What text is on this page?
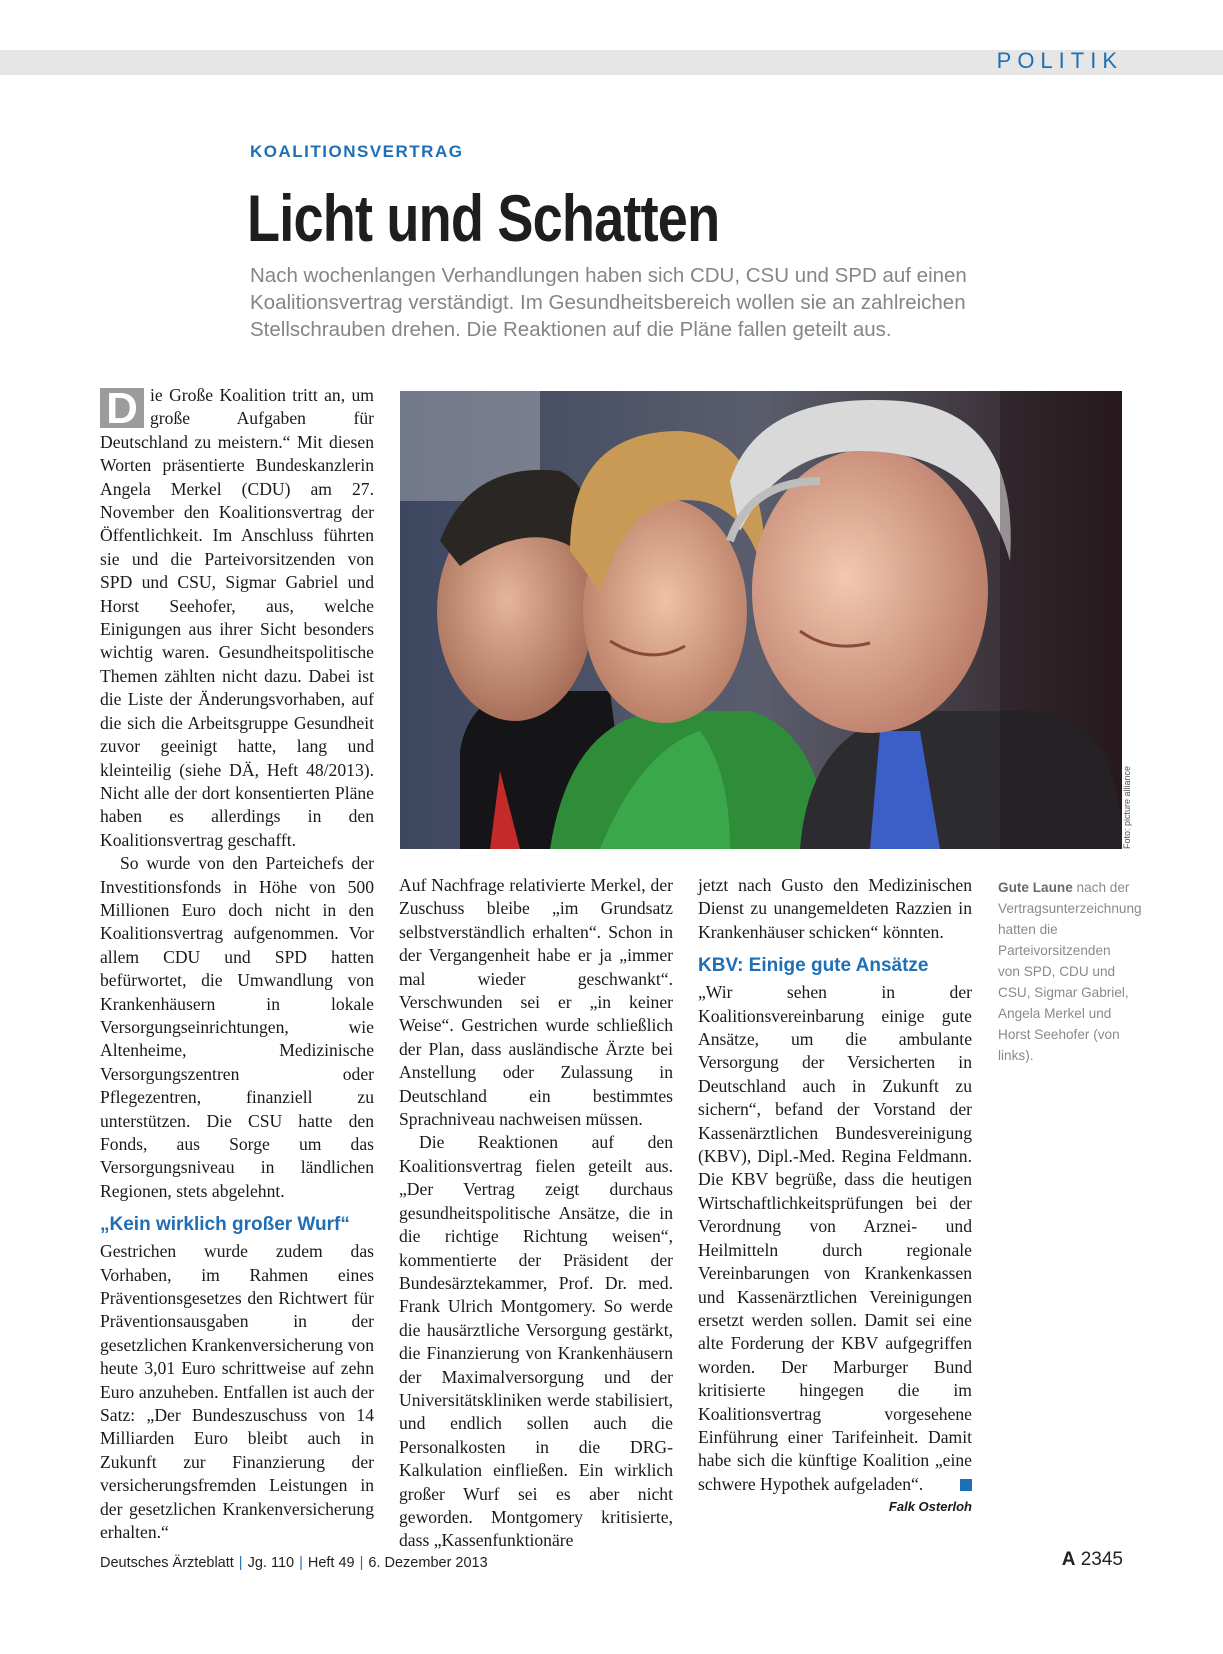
POLITIK
KOALITIONSVERTRAG
Licht und Schatten
Nach wochenlangen Verhandlungen haben sich CDU, CSU und SPD auf einen Koalitionsvertrag verständigt. Im Gesundheitsbereich wollen sie an zahlreichen Stellschrauben drehen. Die Reaktionen auf die Pläne fallen geteilt aus.

D ie Große Koalition tritt an, um große Aufgaben für Deutschland zu meistern.“ Mit diesen Worten präsentierte Bundeskanzlerin Angela Merkel (CDU) am 27. November den Koalitionsvertrag der Öffentlichkeit. Im Anschluss führten sie und die Parteivorsitzenden von SPD und CSU, Sigmar Gabriel und Horst Seehofer, aus, welche Einigungen aus ihrer Sicht besonders wichtig waren. Gesundheitspolitische Themen zählten nicht dazu. Dabei ist die Liste der Änderungsvorhaben, auf die sich die Arbeitsgruppe Gesundheit zuvor geeinigt hatte, lang und kleinteilig (siehe DÄ, Heft 48/2013). Nicht alle der dort konsentierten Pläne haben es allerdings in den Koalitionsvertrag geschafft.

So wurde von den Parteichefs der Investitionsfonds in Höhe von 500 Millionen Euro doch nicht in den Koalitionsvertrag aufgenommen. Vor allem CDU und SPD hatten befürwortet, die Umwandlung von Krankenhäusern in lokale Versorgungseinrichtungen, wie Altenheime, Medizinische Versorgungszentren oder Pflegezentren, finanziell zu unterstützen. Die CSU hatte den Fonds, aus Sorge um das Versorgungsniveau in ländlichen Regionen, stets abgelehnt.

„Kein wirklich großer Wurf“

Gestrichen wurde zudem das Vorhaben, im Rahmen eines Präventionsgesetzes den Richtwert für Präventionsausgaben in der gesetzlichen Krankenversicherung von heute 3,01 Euro schrittweise auf zehn Euro anzuheben. Entfallen ist auch der Satz: „Der Bundeszuschuss von 14 Milliarden Euro bleibt auch in Zukunft zur Finanzierung der versicherungsfremden Leistungen in der gesetzlichen Krankenversicherung erhalten.“

Foto: picture alliance

Auf Nachfrage relativierte Merkel, der Zuschuss bleibe „im Grundsatz selbstverständlich erhalten“. Schon in der Vergangenheit habe er ja „immer mal wieder geschwankt“. Verschwunden sei er „in keiner Weise“. Gestrichen wurde schließlich der Plan, dass ausländische Ärzte bei Anstellung oder Zulassung in Deutschland ein bestimmtes Sprachniveau nachweisen müssen.

Die Reaktionen auf den Koalitionsvertrag fielen geteilt aus. „Der Vertrag zeigt durchaus gesundheitspolitische Ansätze, die in die richtige Richtung weisen“, kommentierte der Präsident der Bundesärztekammer, Prof. Dr. med. Frank Ulrich Montgomery. So werde die hausärztliche Versorgung gestärkt, die Finanzierung von Krankenhäusern der Maximalversorgung und der Universitätskliniken werde stabilisiert, und endlich sollen auch die Personalkosten in die DRG-Kalkulation einfließen. Ein wirklich großer Wurf sei es aber nicht geworden. Montgomery kritisierte, dass „Kassenfunktionäre

jetzt nach Gusto den Medizinischen Dienst zu unangemeldeten Razzien in Krankenhäuser schicken“ könnten.

KBV: Einige gute Ansätze

„Wir sehen in der Koalitionsvereinbarung einige gute Ansätze, um die ambulante Versorgung der Versicherten in Deutschland auch in Zukunft zu sichern“, befand der Vorstand der Kassenärztlichen Bundesvereinigung (KBV), Dipl.-Med. Regina Feldmann. Die KBV begrüße, dass die heutigen Wirtschaftlichkeitsprüfungen bei der Verordnung von Arznei- und Heilmitteln durch regionale Vereinbarungen von Krankenkassen und Kassenärztlichen Vereinigungen ersetzt werden sollen. Damit sei eine alte Forderung der KBV aufgegriffen worden. Der Marburger Bund kritisierte hingegen die im Koalitionsvertrag vorgesehene Einführung einer Tarifeinheit. Damit habe sich die künftige Koalition „eine schwere Hypothek aufgeladen“.

Falk Osterloh
Gute Laune nach der Vertragsunterzeichnung hatten die Parteivorsitzenden von SPD, CDU und CSU, Sigmar Gabriel, Angela Merkel und Horst Seehofer (von links).
Deutsches Ärzteblatt | Jg. 110 | Heft 49 | 6. Dezember 2013	A 2345
